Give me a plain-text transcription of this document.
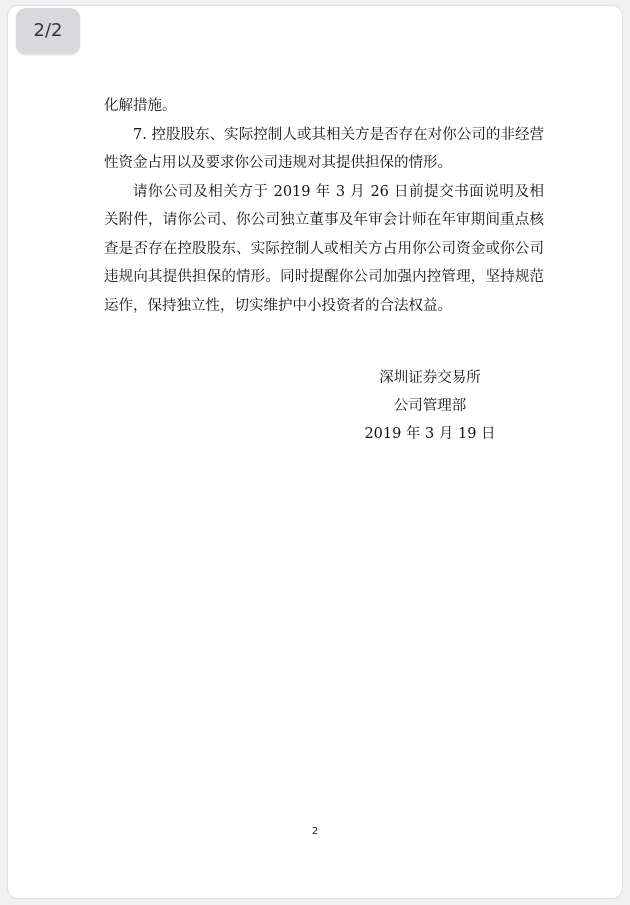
2/2

化解措施。

7. 控股股东、实际控制人或其相关方是否存在对你公司的非经营性资金占用以及要求你公司违规对其提供担保的情形。

请你公司及相关方于 2019 年 3 月 26 日前提交书面说明及相关附件，请你公司、你公司独立董事及年审会计师在年审期间重点核查是否存在控股股东、实际控制人或相关方占用你公司资金或你公司违规向其提供担保的情形。同时提醒你公司加强内控管理，坚持规范运作，保持独立性，切实维护中小投资者的合法权益。

深圳证券交易所
公司管理部
2019 年 3 月 19 日
2
